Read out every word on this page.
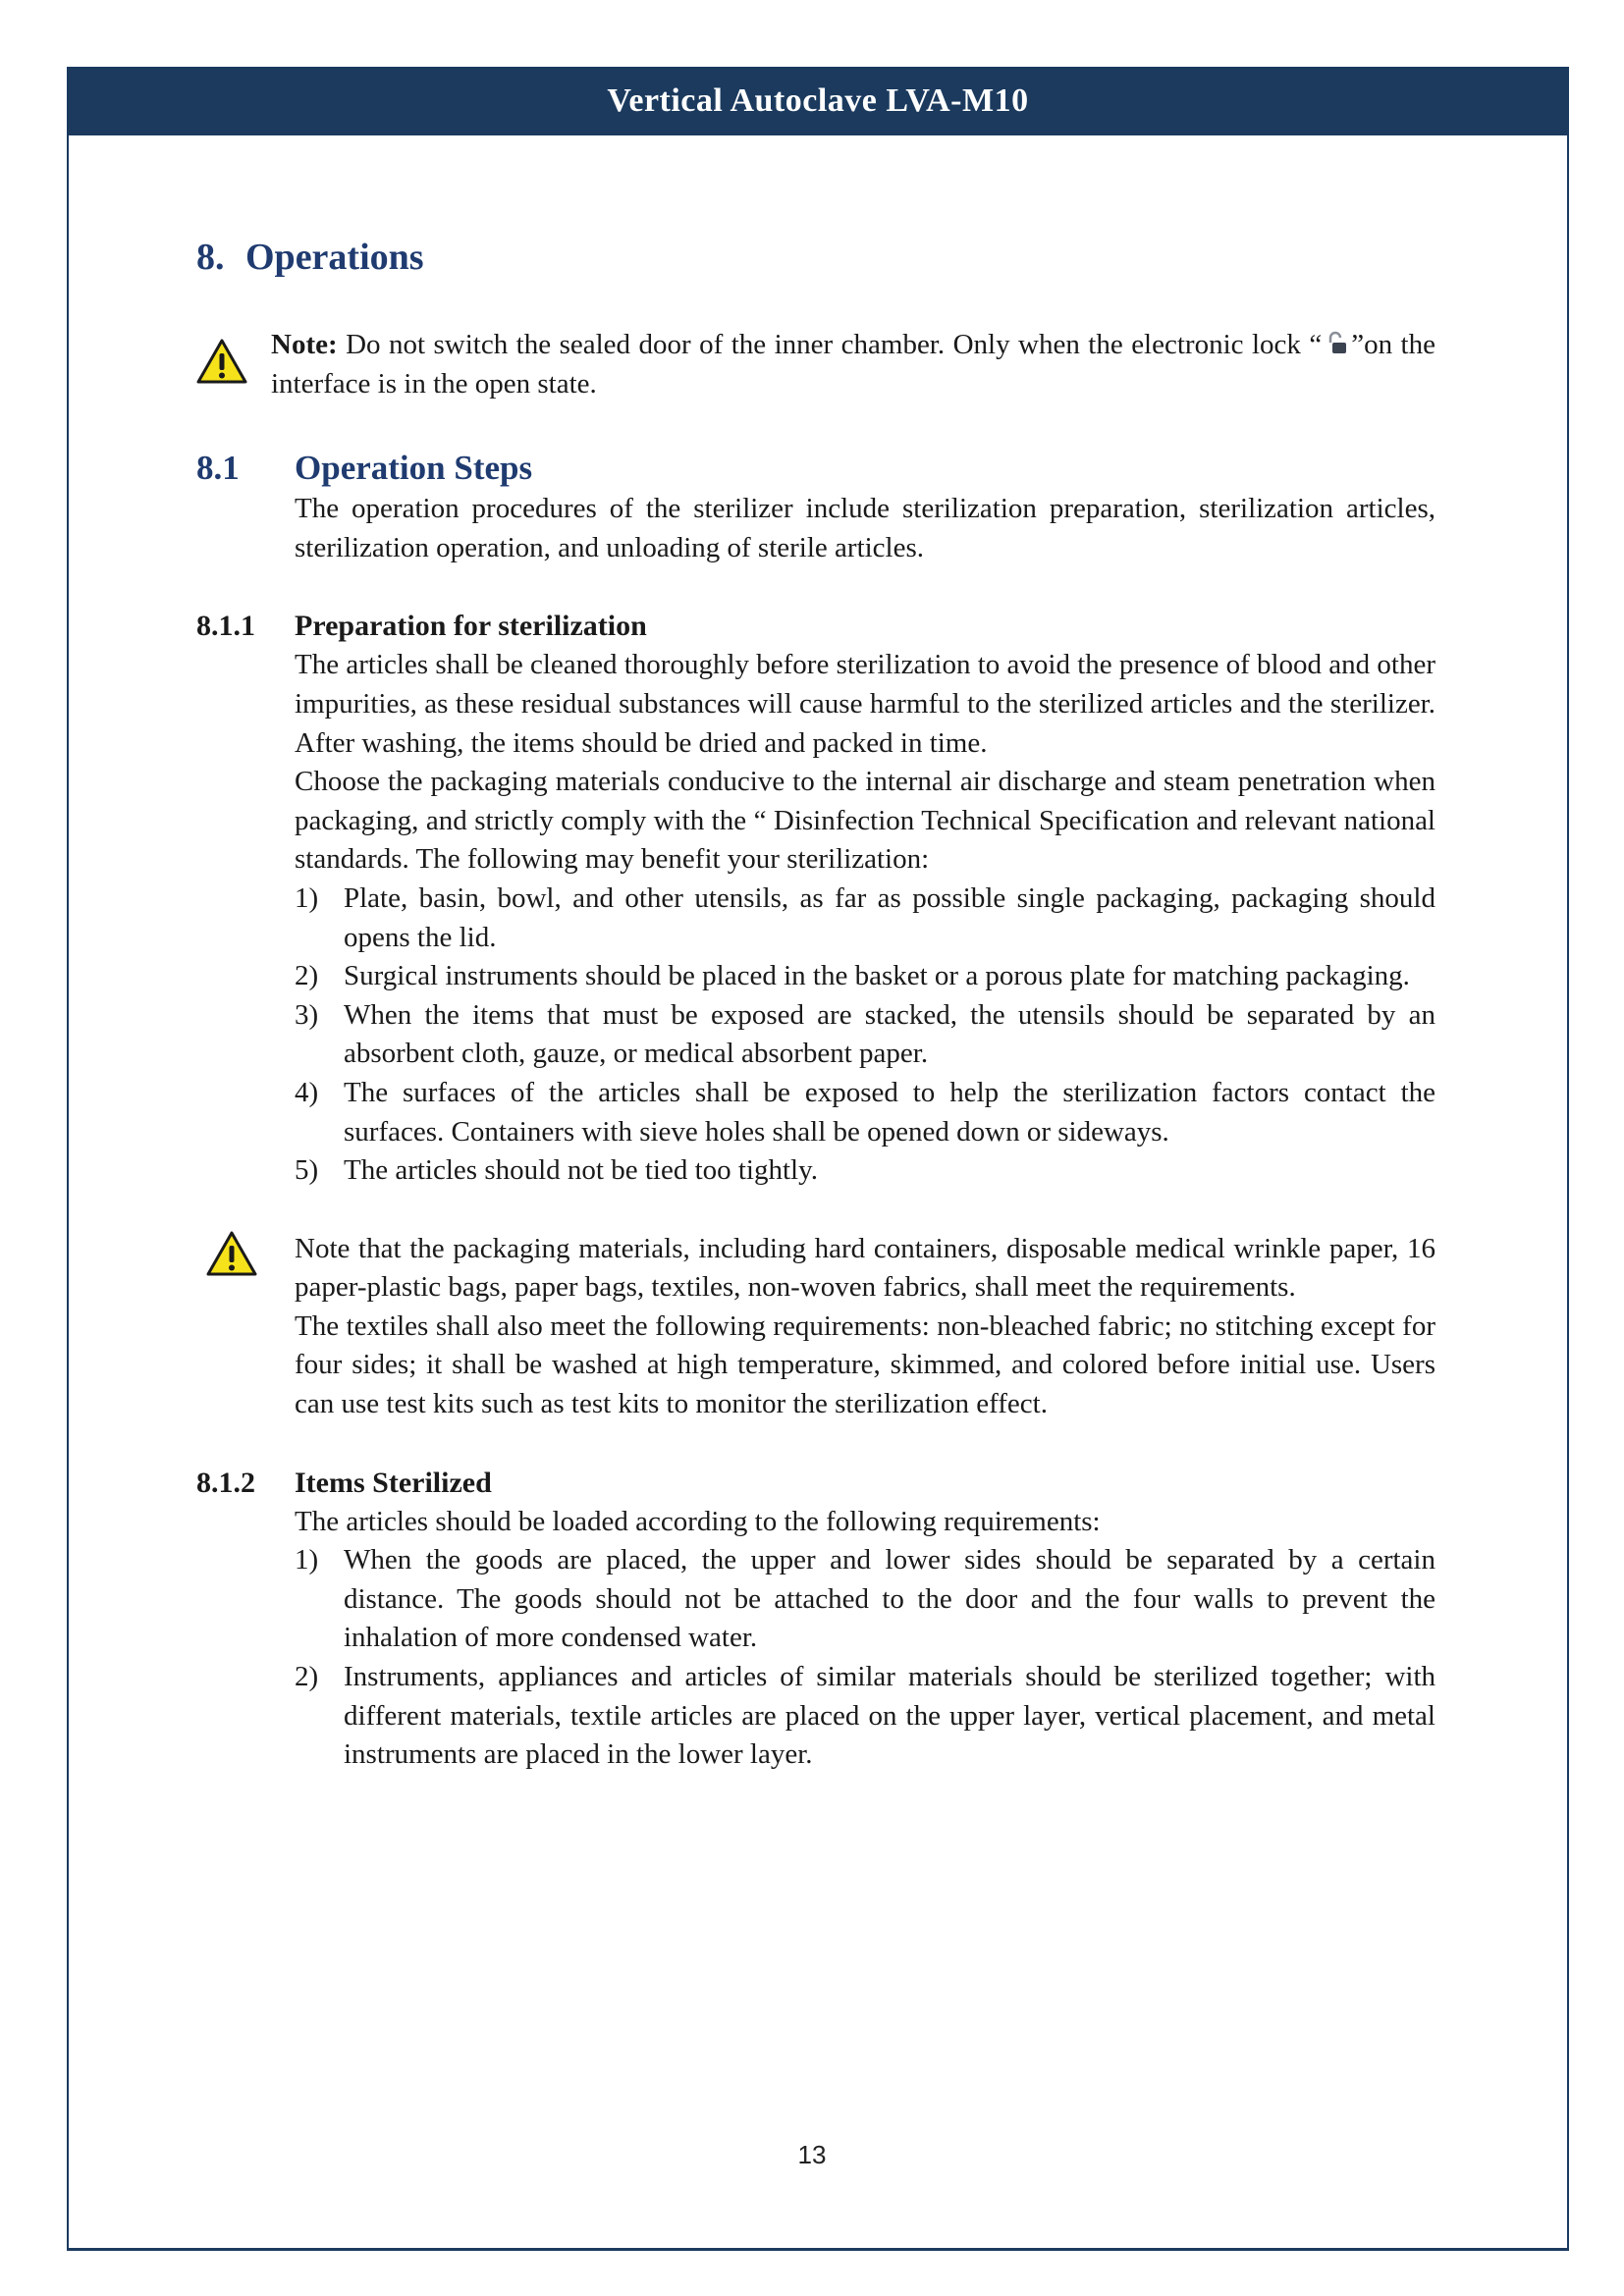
Vertical Autoclave LVA-M10
8. Operations

Note: Do not switch the sealed door of the inner chamber. Only when the electronic lock “ ”on the interface is in the open state.

8.1 Operation Steps

The operation procedures of the sterilizer include sterilization preparation, sterilization articles, sterilization operation, and unloading of sterile articles.

8.1.1 Preparation for sterilization

The articles shall be cleaned thoroughly before sterilization to avoid the presence of blood and other impurities, as these residual substances will cause harmful to the sterilized articles and the sterilizer. After washing, the items should be dried and packed in time.

Choose the packaging materials conducive to the internal air discharge and steam penetration when packaging, and strictly comply with the “ Disinfection Technical Specification and relevant national standards. The following may benefit your sterilization:

1) Plate, basin, bowl, and other utensils, as far as possible single packaging, packaging should opens the lid.
2) Surgical instruments should be placed in the basket or a porous plate for matching packaging.
3) When the items that must be exposed are stacked, the utensils should be separated by an absorbent cloth, gauze, or medical absorbent paper.
4) The surfaces of the articles shall be exposed to help the sterilization factors contact the surfaces. Containers with sieve holes shall be opened down or sideways.
5) The articles should not be tied too tightly.

Note that the packaging materials, including hard containers, disposable medical wrinkle paper, 16 paper-plastic bags, paper bags, textiles, non-woven fabrics, shall meet the requirements.

The textiles shall also meet the following requirements: non-bleached fabric; no stitching except for four sides; it shall be washed at high temperature, skimmed, and colored before initial use. Users can use test kits such as test kits to monitor the sterilization effect.

8.1.2 Items Sterilized

The articles should be loaded according to the following requirements:

1) When the goods are placed, the upper and lower sides should be separated by a certain distance. The goods should not be attached to the door and the four walls to prevent the inhalation of more condensed water.
2) Instruments, appliances and articles of similar materials should be sterilized together; with different materials, textile articles are placed on the upper layer, vertical placement, and metal instruments are placed in the lower layer.
13
